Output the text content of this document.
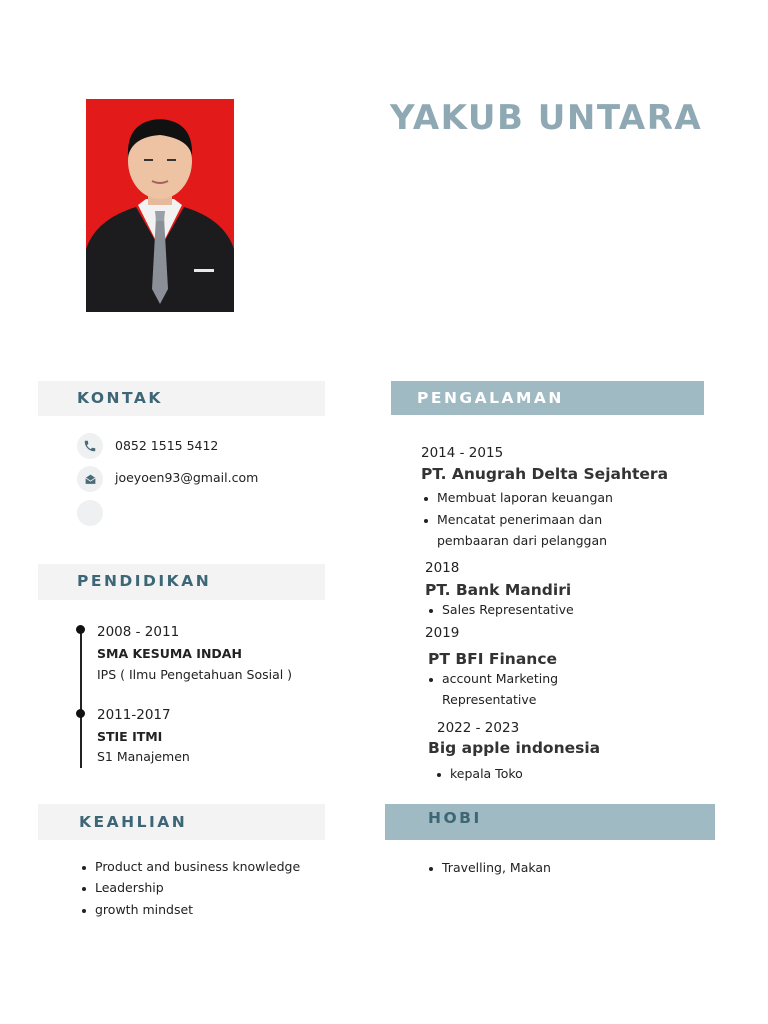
YAKUB UNTARA
KONTAK
0852 1515 5412
joeyoen93@gmail.com
PENDIDIKAN
2008 - 2011
SMA KESUMA INDAH
IPS ( Ilmu Pengetahuan Sosial )
2011-2017
STIE ITMI
S1 Manajemen
KEAHLIAN
Product and business knowledge
Leadership
growth mindset
PENGALAMAN
2014 - 2015
PT. Anugrah Delta Sejahtera
Membuat laporan keuangan
Mencatat penerimaan dan
pembaaran dari pelanggan
2018
PT. Bank Mandiri
Sales Representative
2019
PT BFI Finance
account Marketing
Representative
2022 - 2023
Big apple indonesia
kepala Toko
HOBI
Travelling, Makan
